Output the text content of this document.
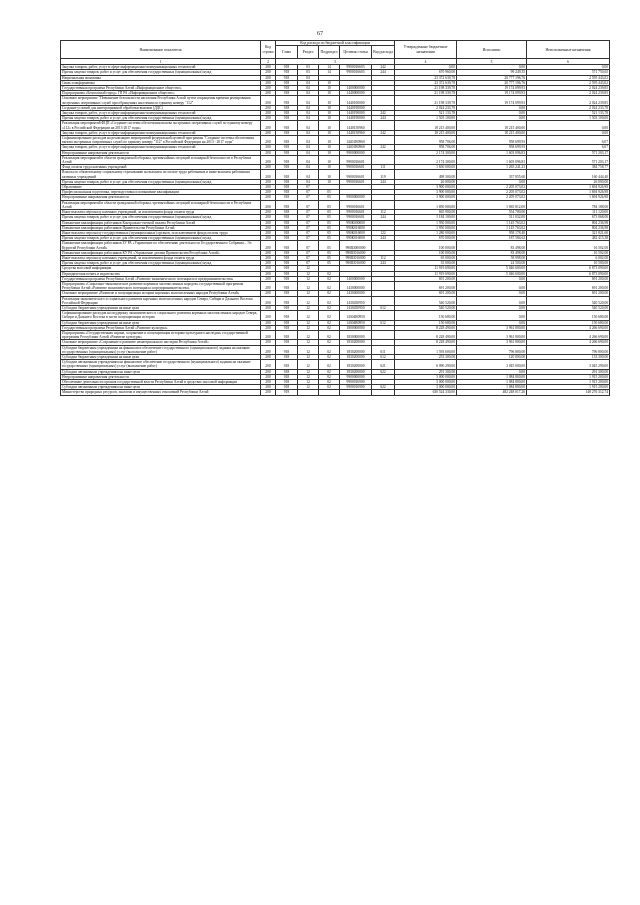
67
Наименование показателя	Код строки	Код расхода по бюджетной классификации					Утвержденные бюджетные назначения	Исполнено	Неисполненные назначения
		Глава	Раздел	Подраздел	Целевая статья	Вид расхода			
1	2	3					4	5	6
Закупка товаров, работ, услуг в сфере информационно-коммуникационных технологий	200	918	03	14	9900016603	242	0,00	0,00	0,00
Прочая закупка товаров, работ и услуг для обеспечения государственных (муниципальных) нужд	200	918	03	14	9900016603	244	670 960,00	99 249,35	571 750,65
Национальная экономика	200	918	04				23 372 639,78	20 777 196,76	2 595 443,02
Связь и информатика	200	918	04	10			23 372 639,78	20 777 196,76	2 595 443,02
Государственная программа Республики Алтай «Информационное общество»	200	918	04	10	1400000000		21 198 339,78	19 174 099,93	2 024 239,85
Подпрограмма «Безопасный город» ГП РА «Информационное общество»	200	918	04	10	1440000000		21 198 339,78	19 174 099,93	2 024 239,85
Основное мероприятие "Повышение безопасности населения Республики Алтай путем сокращения времени реагирования экстренных оперативных служб при обращениях населения по единому номеру "112"	200	918	04	10	1440100000		21 198 339,78	19 174 099,93	2 024 239,85
Создание условий для интеграционной обработки вызовов (ДДС)	200	918	04	10	1440190000		2 024 233,78	0,00	2 024 233,78
Закупка товаров, работ, услуг в сфере информационно-коммуникационных технологий	200	918	04	10	1440190000	242	521 133,78	0,00	521 133,78
Прочая закупка товаров, работ и услуг для обеспечения государственных (муниципальных) нужд	200	918	04	10	1440190000	244	1 503 100,00	0,00	1 503 100,00
Реализация мероприятий ФЦП «Создание системы обеспечения вызова экстренных оперативных служб по единому номеру «112» в Российской Федерации на 2013-2017 годы»	200	918	04	10	1440150960		18 215 400,00	18 215 400,00	0,00
Закупка товаров, работ, услуг в сфере информационно-коммуникационных технологий	200	918	04	10	1440150960	242	18 215 400,00	18 215 400,00	0,00
Софинансирование расходов на реализацию мероприятий федеральной целевой программы "Создание системы обеспечения вызова экстренных оперативных служб по единому номеру "112" в Российской Федерации на 2013 - 2017 годы"	200	918	04	10	14401R0960		958 706,00	958 699,93	6,07
Закупка товаров, работ, услуг в сфере информационно-коммуникационных технологий	200	918	04	10	14401R0960	242	958 706,00	958 699,93	6,07
Непрограммные направления деятельности	200	918	04	10	9900000000		2 174 300,00	1 603 096,83	571 203,17
Реализация мероприятий в области гражданской обороны, чрезвычайных ситуаций и пожарной безопасности в Республике Алтай	200	918	04	10	9900016601		2 174 300,00	1 603 096,83	571 203,17
Фонд оплаты труда казенных учреждений	200	918	04	10	9900016601	111	1 650 000,00	1 265 241,23	384 758,77
Взносы по обязательному социальному страхованию на выплаты по оплате труда работников и иные выплаты работникам казенных учреждений	200	918	04	10	9900016601	119	498 300,00	337 855,60	160 444,40
Прочая закупка товаров, работ и услуг для обеспечения государственных (муниципальных) нужд	200	918	04	10	9900016601	244	26 000,00	0,00	26 000,00
Образование	200	918	07				3 900 000,00	2 205 073,02	1 694 926,98
Профессиональная подготовка, переподготовка и повышение квалификации	200	918	07	05			3 900 000,00	2 205 073,02	1 694 926,98
Непрограммные направления деятельности	200	918	07	05	9900000000		3 900 000,00	2 205 073,02	1 694 926,98
Реализация мероприятий в области гражданской обороны, чрезвычайных ситуаций и пожарной безопасности в Республике Алтай	200	918	07	05	9900016601		1 850 000,00	1 065 812,00	784 188,00
Иные выплаты персоналу казенных учреждений, за исключением фонда оплаты труда	200	918	07	05	9900016601	112	665 900,00	554 780,00	111 120,00
Прочая закупка товаров, работ и услуг для обеспечения государственных (муниципальных) нужд	200	918	07	05	9900016601	244	1 184 100,00	511 032,00	673 068,00
Повышение квалификации работников Контрольно-счетной палаты Республики Алтай	200	918	07	05	990К000000		1 950 000,00	1 145 763,02	804 236,98
Повышение квалификации работников Правительства Республики Алтай	200	918	07	05	990К016000		1 950 000,00	1 145 763,02	804 236,98
Иные выплаты персоналу государственных (муниципальных) органов, за исключением фонда оплаты труда	200	918	07	05	990К016000	122	1 280 000,00	958 178,40	321 821,60
Прочая закупка товаров, работ и услуг для обеспечения государственных (муниципальных) нужд	200	918	07	05	990К016000	244	670 000,00	187 584,62	482 415,38
Повышение квалификации работников ЗУ РА «Управление по обеспечению деятельности Государственного Собрания – Эл Курултай Республики Алтай»	200	918	07	05	990Ш000000		100 000,00	83 498,00	16 502,00
Повышение квалификации работников КУ РА «Управление делами Правительства Республики Алтай»	200	918	07	05	990Ш016000		100 000,00	83 498,00	16 502,00
Иные выплаты персоналу казенных учреждений, за исключением фонда оплаты труда	200	918	07	05	990Ш016000	112	65 000,00	58 998,00	6 002,00
Прочая закупка товаров, работ и услуг для обеспечения государственных (муниципальных) нужд	200	918	07	05	990Ш016000	244	35 000,00	24 500,00	10 500,00
Средства массовой информации	200	918	12				11 919 690,00	5 046 600,00	6 873 090,00
Периодическая печать и издательства	200	918	12	02			11 919 690,00	5 046 600,00	6 873 090,00
Государственная программа Республики Алтай «Развитие экономического потенциала и предпринимательства»	200	918	12	02	1400000000		691 200,00	0,00	691 200,00
Подпрограмма «Социально-экономическое развитие коренных малочисленных народов» государственной программы Республики Алтай «Развитие экономического потенциала и предпринимательства»	200	918	12	02	1430000000		691 200,00	0,00	691 200,00
Основное мероприятие «Развитие и популяризация истории коренных малочисленных народов Республики Алтай»	200	918	12	02	1430400000		691 200,00	0,00	691 200,00
Реализация экономического и социального развития коренных малочисленных народов Севера, Сибири и Дальнего Востока Российской Федерации	200	918	12	02	1430450950		540 520,00	0,00	540 520,00
Субсидии бюджетным учреждениям на иные цели	200	918	12	02	1430450950	612	540 520,00	0,00	540 520,00
Софинансирование расходов на поддержку экономического и социального развития коренных малочисленных народов Севера, Сибири и Дальнего Востока в части популяризации истории	200	918	12	02	14304R0950		150 680,00	0,00	150 680,00
Субсидии бюджетным учреждениям на иные цели	200	918	12	02	14304R0950	612	150 680,00	0,00	150 680,00
Государственная программа Республики Алтай «Развитие культуры»	200	918	12	02	1800000000		8 228 490,00	3 961 800,00	4 266 690,00
Подпрограмма «Государственная охрана, сохранение и популяризация историко-культурного наследия» государственной программы Республики Алтай «Развитие культуры»	200	918	12	02	1830000000		8 228 490,00	3 961 800,00	4 266 690,00
Основное мероприятие «Сохранение и развитие нематериального наследия Республики Алтай»	200	918	12	02	1830200000		8 228 490,00	3 961 800,00	4 266 690,00
Субсидии бюджетным учреждениям на финансовое обеспечение государственного (муниципального) задания на оказание государственных (муниципальных) услуг (выполнение работ)	200	918	12	02	1830200000	611	1 593 600,00	796 800,00	796 800,00
Субсидии бюджетным учреждениям на иные цели	200	918	12	02	1830200000	612	253 300,00	120 000,00	133 300,00
Субсидии автономным учреждениям на финансовое обеспечение государственного (муниципального) задания на оказание государственных (муниципальных) услуг (выполнение работ)	200	918	12	02	1830200000	621	6 090 290,00	3 045 000,00	3 045 290,00
Субсидии автономным учреждениям на иные цели	200	918	12	02	1830200000	622	291 300,00	0,00	291 300,00
Непрограммные направления деятельности	200	918	12	02	9900000000		3 000 000,00	1 084 800,00	1 915 200,00
Обеспечение деятельности органов государственной власти Республики Алтай в средствах массовой информации	200	918	12	02	9900016900		3 000 000,00	1 084 800,00	1 915 200,00
Субсидии автономным учреждениям на иные цели	200	918	12	02	9900016900	622	3 000 000,00	1 084 800,00	1 915 200,00
Министерство природных ресурсов, экологии и имущественных отношений Республики Алтай	200	919					630 524 330,00	482 248 017,26	148 276 312,74
